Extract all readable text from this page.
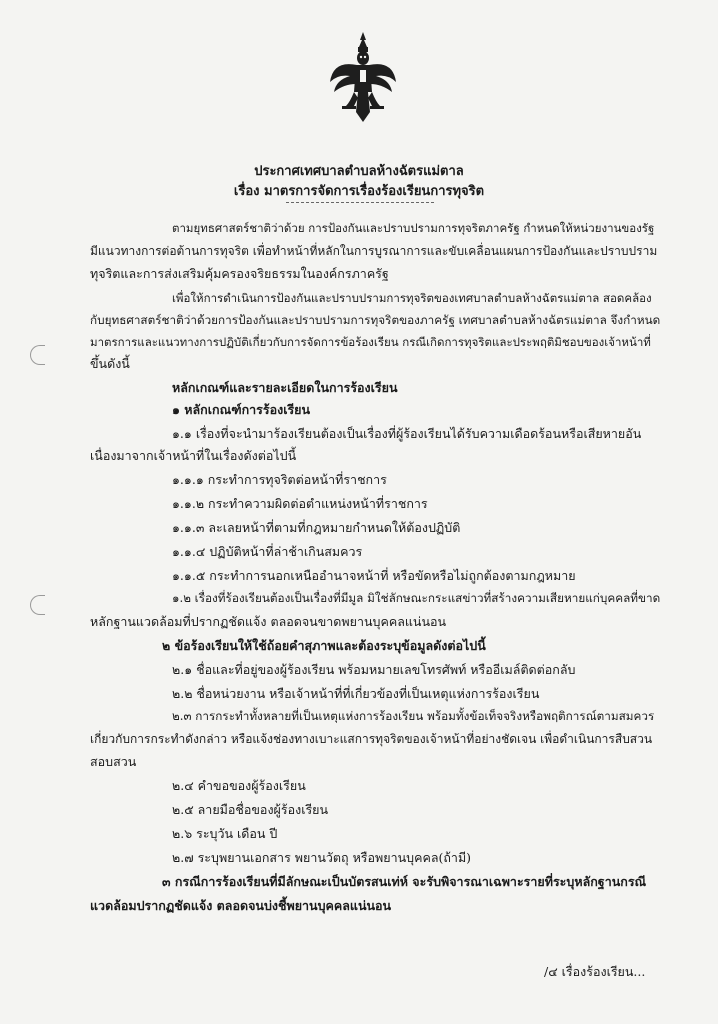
ประกาศเทศบาลตำบลห้างฉัตรแม่ตาล
เรื่อง มาตรการจัดการเรื่องร้องเรียนการทุจริต
ตามยุทธศาสตร์ชาติว่าด้วย การป้องกันและปราบปรามการทุจริตภาครัฐ กำหนดให้หน่วยงานของรัฐ
มีแนวทางการต่อต้านการทุจริต เพื่อทำหน้าที่หลักในการบูรณาการและขับเคลื่อนแผนการป้องกันและปราบปราม
ทุจริตและการส่งเสริมคุ้มครองจริยธรรมในองค์กรภาครัฐ
เพื่อให้การดำเนินการป้องกันและปราบปรามการทุจริตของเทศบาลตำบลห้างฉัตรแม่ตาล สอดคล้อง
กับยุทธศาสตร์ชาติว่าด้วยการป้องกันและปราบปรามการทุจริตของภาครัฐ เทศบาลตำบลห้างฉัตรแม่ตาล จึงกำหนด
มาตรการและแนวทางการปฏิบัติเกี่ยวกับการจัดการข้อร้องเรียน กรณีเกิดการทุจริตและประพฤติมิชอบของเจ้าหน้าที่
ขึ้นดังนี้
หลักเกณฑ์และรายละเอียดในการร้องเรียน
๑ หลักเกณฑ์การร้องเรียน
๑.๑ เรื่องที่จะนำมาร้องเรียนต้องเป็นเรื่องที่ผู้ร้องเรียนได้รับความเดือดร้อนหรือเสียหายอัน
เนื่องมาจากเจ้าหน้าที่ในเรื่องดังต่อไปนี้
๑.๑.๑ กระทำการทุจริตต่อหน้าที่ราชการ
๑.๑.๒ กระทำความผิดต่อตำแหน่งหน้าที่ราชการ
๑.๑.๓ ละเลยหน้าที่ตามที่กฎหมายกำหนดให้ต้องปฏิบัติ
๑.๑.๔ ปฏิบัติหน้าที่ล่าช้าเกินสมควร
๑.๑.๕ กระทำการนอกเหนืออำนาจหน้าที่ หรือขัดหรือไม่ถูกต้องตามกฎหมาย
๑.๒ เรื่องที่ร้องเรียนต้องเป็นเรื่องที่มีมูล มิใช่ลักษณะกระแสข่าวที่สร้างความเสียหายแก่บุคคลที่ขาด
หลักฐานแวดล้อมที่ปรากฏชัดแจ้ง ตลอดจนขาดพยานบุคคลแน่นอน
๒ ข้อร้องเรียนให้ใช้ถ้อยคำสุภาพและต้องระบุข้อมูลดังต่อไปนี้
๒.๑ ชื่อและที่อยู่ของผู้ร้องเรียน พร้อมหมายเลขโทรศัพท์ หรืออีเมล์ติดต่อกลับ
๒.๒ ชื่อหน่วยงาน หรือเจ้าหน้าที่ที่เกี่ยวข้องที่เป็นเหตุแห่งการร้องเรียน
๒.๓ การกระทำทั้งหลายที่เป็นเหตุแห่งการร้องเรียน พร้อมทั้งข้อเท็จจริงหรือพฤติการณ์ตามสมควร
เกี่ยวกับการกระทำดังกล่าว หรือแจ้งช่องทางเบาะแสการทุจริตของเจ้าหน้าที่อย่างชัดเจน เพื่อดำเนินการสืบสวน
สอบสวน
๒.๔ คำขอของผู้ร้องเรียน
๒.๕ ลายมือชื่อของผู้ร้องเรียน
๒.๖ ระบุวัน เดือน ปี
๒.๗ ระบุพยานเอกสาร พยานวัตถุ หรือพยานบุคคล(ถ้ามี)
๓ กรณีการร้องเรียนที่มีลักษณะเป็นบัตรสนเท่ห์ จะรับพิจารณาเฉพาะรายที่ระบุหลักฐานกรณี
แวดล้อมปรากฏชัดแจ้ง ตลอดจนบ่งชี้พยานบุคคลแน่นอน
/๔ เรื่องร้องเรียน...
